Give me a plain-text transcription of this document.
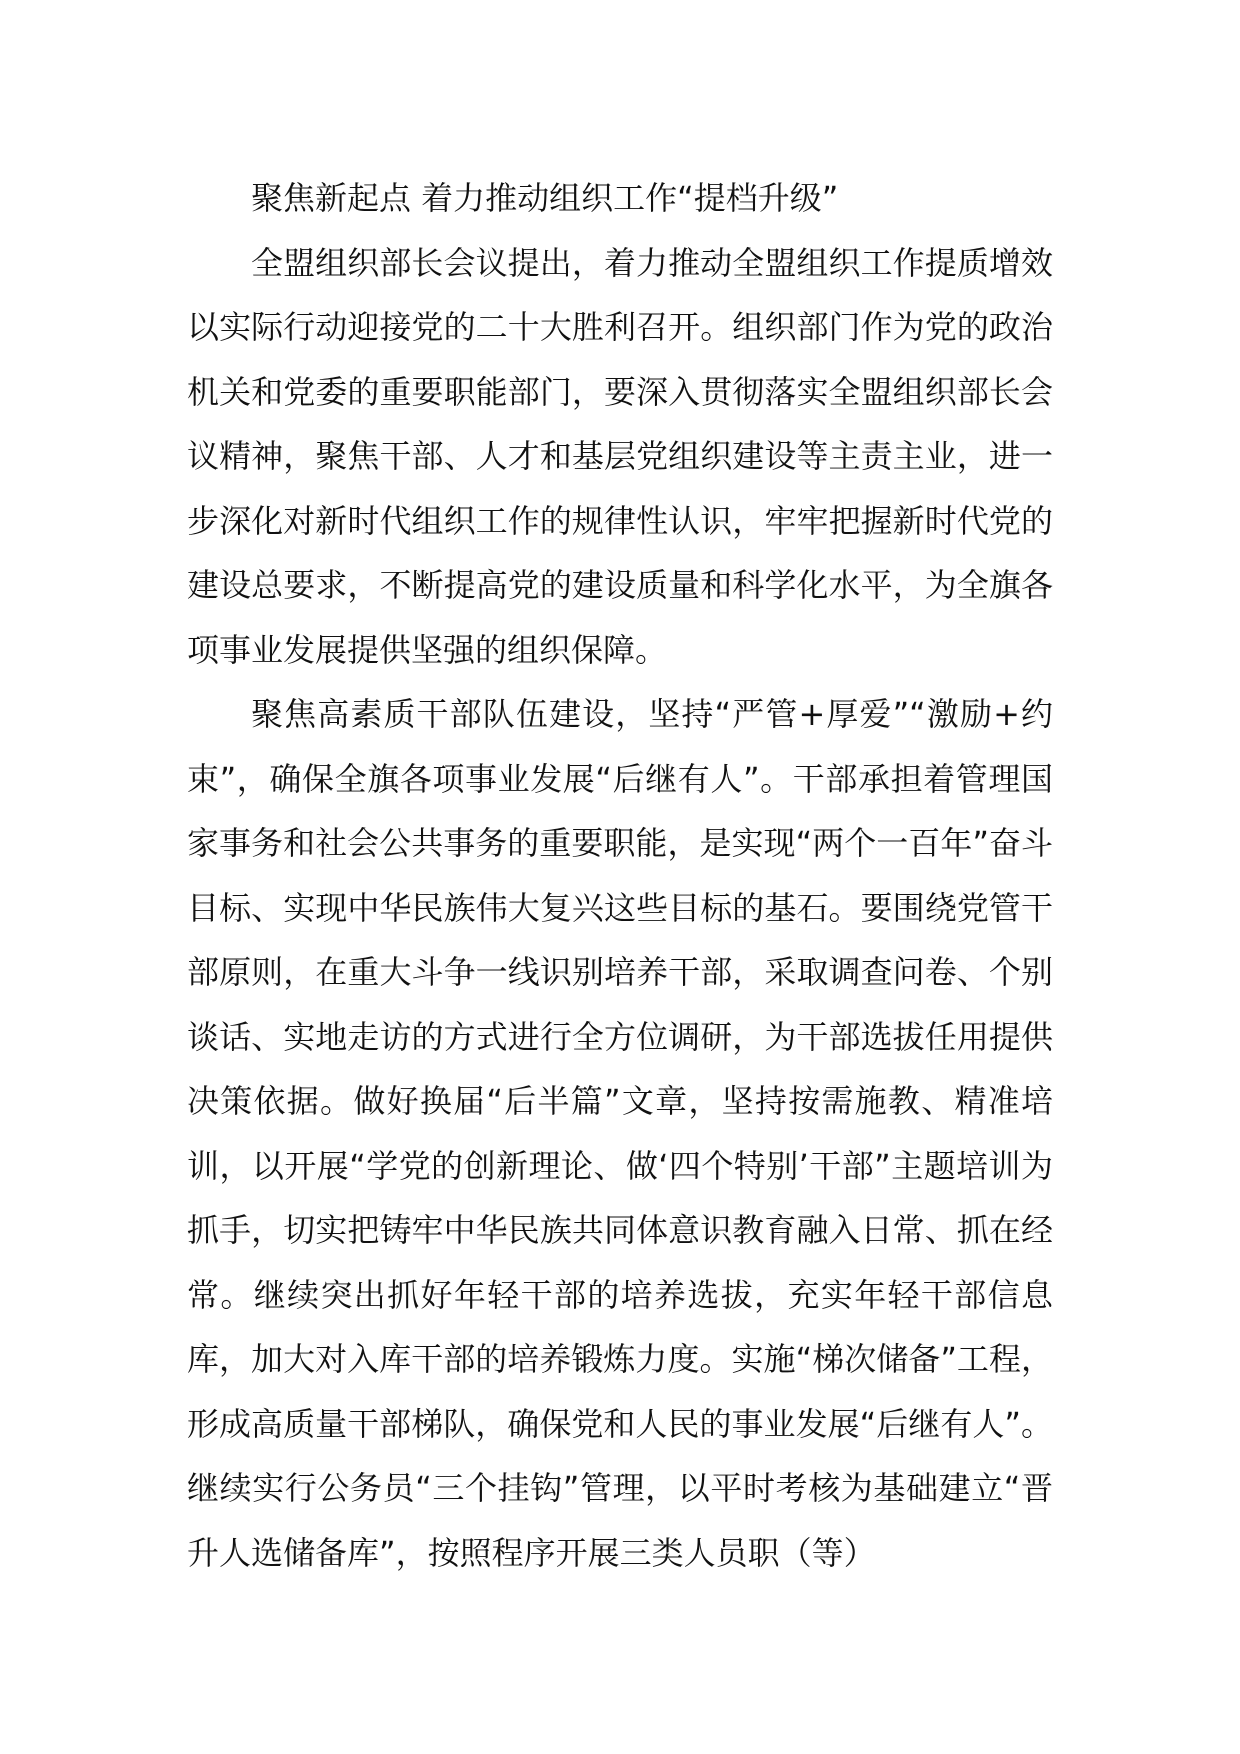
聚焦新起点 着力推动组织工作“提档升级”

全盟组织部长会议提出，着力推动全盟组织工作提质增效以实际行动迎接党的二十大胜利召开。组织部门作为党的政治机关和党委的重要职能部门，要深入贯彻落实全盟组织部长会议精神，聚焦干部、人才和基层党组织建设等主责主业，进一步深化对新时代组织工作的规律性认识，牢牢把握新时代党的建设总要求，不断提高党的建设质量和科学化水平，为全旗各项事业发展提供坚强的组织保障。

聚焦高素质干部队伍建设，坚持“严管+厚爱”“激励+约束”，确保全旗各项事业发展“后继有人”。干部承担着管理国家事务和社会公共事务的重要职能，是实现“两个一百年”奋斗目标、实现中华民族伟大复兴这些目标的基石。要围绕党管干部原则，在重大斗争一线识别培养干部，采取调查问卷、个别谈话、实地走访的方式进行全方位调研，为干部选拔任用提供决策依据。做好换届“后半篇”文章，坚持按需施教、精准培训，以开展“学党的创新理论、做‘四个特别’干部”主题培训为抓手，切实把铸牢中华民族共同体意识教育融入日常、抓在经常。继续突出抓好年轻干部的培养选拔，充实年轻干部信息库，加大对入库干部的培养锻炼力度。实施“梯次储备”工程，形成高质量干部梯队，确保党和人民的事业发展“后继有人”。继续实行公务员“三个挂钩”管理，以平时考核为基础建立“晋升人选储备库”，按照程序开展三类人员职（等）
